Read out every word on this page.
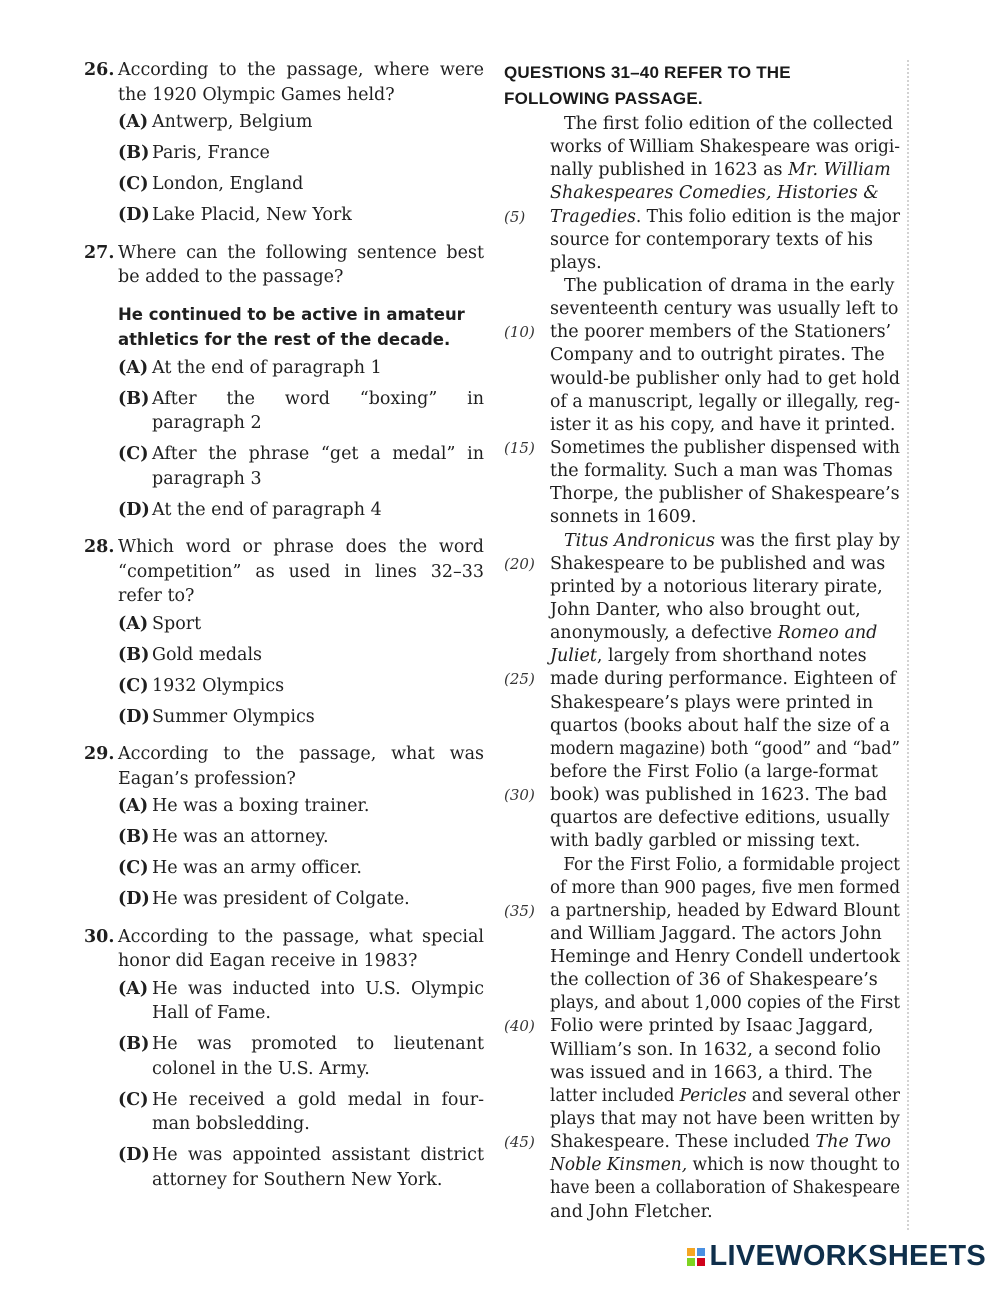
26. According to the passage, where were the 1920 Olympic Games held?
(A) Antwerp, Belgium
(B) Paris, France
(C) London, England
(D) Lake Placid, New York
27. Where can the following sentence best be added to the passage?
He continued to be active in amateur athletics for the rest of the decade.
(A) At the end of paragraph 1
(B) After the word “boxing” in paragraph 2
(C) After the phrase “get a medal” in paragraph 3
(D) At the end of paragraph 4
28. Which word or phrase does the word “competition” as used in lines 32–33 refer to?
(A) Sport
(B) Gold medals
(C) 1932 Olympics
(D) Summer Olympics
29. According to the passage, what was Eagan’s profession?
(A) He was a boxing trainer.
(B) He was an attorney.
(C) He was an army officer.
(D) He was president of Colgate.
30. According to the passage, what special honor did Eagan receive in 1983?
(A) He was inducted into U.S. Olympic Hall of Fame.
(B) He was promoted to lieutenant colonel in the U.S. Army.
(C) He received a gold medal in four-man bobsledding.
(D) He was appointed assistant district attorney for Southern New York.
QUESTIONS 31–40 REFER TO THE
FOLLOWING PASSAGE.
The first folio edition of the collected
works of William Shakespeare was origi-
nally published in 1623 as Mr. William
Shakespeares Comedies, Histories &
(5) Tragedies. This folio edition is the major
source for contemporary texts of his
plays.
The publication of drama in the early
seventeenth century was usually left to
(10) the poorer members of the Stationers’
Company and to outright pirates. The
would-be publisher only had to get hold
of a manuscript, legally or illegally, reg-
ister it as his copy, and have it printed.
(15) Sometimes the publisher dispensed with
the formality. Such a man was Thomas
Thorpe, the publisher of Shakespeare’s
sonnets in 1609.
Titus Andronicus was the first play by
(20) Shakespeare to be published and was
printed by a notorious literary pirate,
John Danter, who also brought out,
anonymously, a defective Romeo and
Juliet, largely from shorthand notes
(25) made during performance. Eighteen of
Shakespeare’s plays were printed in
quartos (books about half the size of a
modern magazine) both “good” and “bad”
before the First Folio (a large-format
(30) book) was published in 1623. The bad
quartos are defective editions, usually
with badly garbled or missing text.
For the First Folio, a formidable project
of more than 900 pages, five men formed
(35) a partnership, headed by Edward Blount
and William Jaggard. The actors John
Heminge and Henry Condell undertook
the collection of 36 of Shakespeare’s
plays, and about 1,000 copies of the First
(40) Folio were printed by Isaac Jaggard,
William’s son. In 1632, a second folio
was issued and in 1663, a third. The
latter included Pericles and several other
plays that may not have been written by
(45) Shakespeare. These included The Two
Noble Kinsmen, which is now thought to
have been a collaboration of Shakespeare
and John Fletcher.
LIVEWORKSHEETS
